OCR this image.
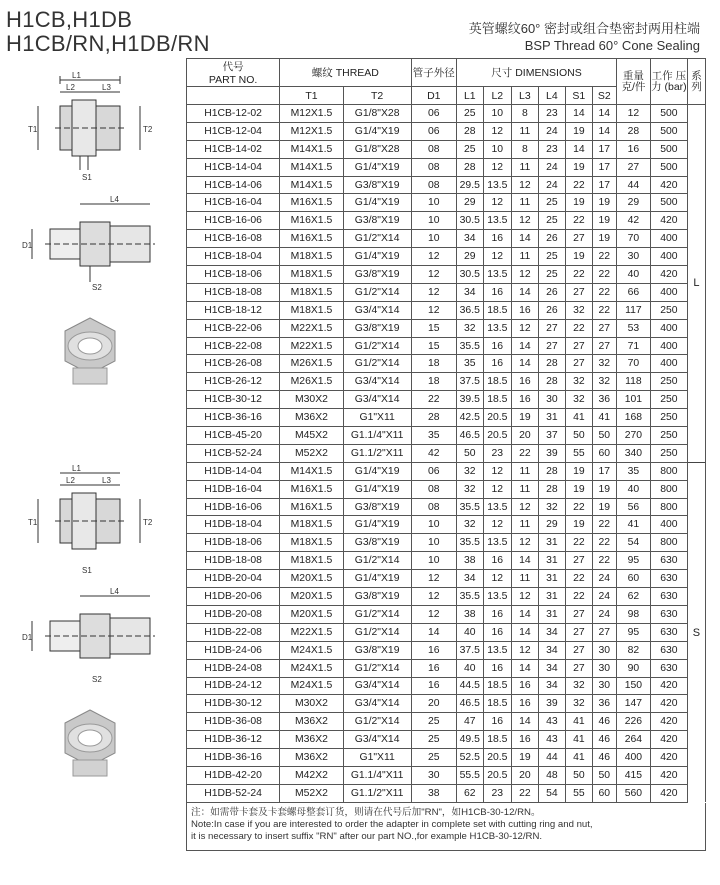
H1CB,H1DB
H1CB/RN,H1DB/RN
英管螺纹60° 密封或组合垫密封两用柱端
BSP Thread 60° Cone Sealing
L1
L2	L3
T1	T2
S1
L4
D1
S2
L1
L2	L3
T1	T2
S1
L4
D1
S2
代号
PART NO.	螺纹 THREAD		管子外径	尺寸 DIMENSIONS						重量 克/件	工作 压力 (bar)	系 列
	T1	T2	D1	L1	L2	L3	L4	S1	S2			
H1CB-12-02	M12X1.5	G1/8"X28	06	25	10	8	23	14	14	12	500	L
H1CB-12-04	M12X1.5	G1/4"X19	06	28	12	11	24	19	14	28	500	
H1CB-14-02	M14X1.5	G1/8"X28	08	25	10	8	23	14	17	16	500	
H1CB-14-04	M14X1.5	G1/4"X19	08	28	12	11	24	19	17	27	500	
H1CB-14-06	M14X1.5	G3/8"X19	08	29.5	13.5	12	24	22	17	44	420	
H1CB-16-04	M16X1.5	G1/4"X19	10	29	12	11	25	19	19	29	500	
H1CB-16-06	M16X1.5	G3/8"X19	10	30.5	13.5	12	25	22	19	42	420	
H1CB-16-08	M16X1.5	G1/2"X14	10	34	16	14	26	27	19	70	400	
H1CB-18-04	M18X1.5	G1/4"X19	12	29	12	11	25	19	22	30	400	
H1CB-18-06	M18X1.5	G3/8"X19	12	30.5	13.5	12	25	22	22	40	420	
H1CB-18-08	M18X1.5	G1/2"X14	12	34	16	14	26	27	22	66	400	
H1CB-18-12	M18X1.5	G3/4"X14	12	36.5	18.5	16	26	32	22	117	250	
H1CB-22-06	M22X1.5	G3/8"X19	15	32	13.5	12	27	22	27	53	400	
H1CB-22-08	M22X1.5	G1/2"X14	15	35.5	16	14	27	27	27	71	400	
H1CB-26-08	M26X1.5	G1/2"X14	18	35	16	14	28	27	32	70	400	
H1CB-26-12	M26X1.5	G3/4"X14	18	37.5	18.5	16	28	32	32	118	250	
H1CB-30-12	M30X2	G3/4"X14	22	39.5	18.5	16	30	32	36	101	250	
H1CB-36-16	M36X2	G1"X11	28	42.5	20.5	19	31	41	41	168	250	
H1CB-45-20	M45X2	G1.1/4"X11	35	46.5	20.5	20	37	50	50	270	250	
H1CB-52-24	M52X2	G1.1/2"X11	42	50	23	22	39	55	60	340	250	
H1DB-14-04	M14X1.5	G1/4"X19	06	32	12	11	28	19	17	35	800	S
H1DB-16-04	M16X1.5	G1/4"X19	08	32	12	11	28	19	19	40	800	
H1DB-16-06	M16X1.5	G3/8"X19	08	35.5	13.5	12	32	22	19	56	800	
H1DB-18-04	M18X1.5	G1/4"X19	10	32	12	11	29	19	22	41	400	
H1DB-18-06	M18X1.5	G3/8"X19	10	35.5	13.5	12	31	22	22	54	800	
H1DB-18-08	M18X1.5	G1/2"X14	10	38	16	14	31	27	22	95	630	
H1DB-20-04	M20X1.5	G1/4"X19	12	34	12	11	31	22	24	60	630	
H1DB-20-06	M20X1.5	G3/8"X19	12	35.5	13.5	12	31	22	24	62	630	
H1DB-20-08	M20X1.5	G1/2"X14	12	38	16	14	31	27	24	98	630	
H1DB-22-08	M22X1.5	G1/2"X14	14	40	16	14	34	27	27	95	630	
H1DB-24-06	M24X1.5	G3/8"X19	16	37.5	13.5	12	34	27	30	82	630	
H1DB-24-08	M24X1.5	G1/2"X14	16	40	16	14	34	27	30	90	630	
H1DB-24-12	M24X1.5	G3/4"X14	16	44.5	18.5	16	34	32	30	150	420	
H1DB-30-12	M30X2	G3/4"X14	20	46.5	18.5	16	39	32	36	147	420	
H1DB-36-08	M36X2	G1/2"X14	25	47	16	14	43	41	46	226	420	
H1DB-36-12	M36X2	G3/4"X14	25	49.5	18.5	16	43	41	46	264	420	
H1DB-36-16	M36X2	G1"X11	25	52.5	20.5	19	44	41	46	400	420	
H1DB-42-20	M42X2	G1.1/4"X11	30	55.5	20.5	20	48	50	50	415	420	
H1DB-52-24	M52X2	G1.1/2"X11	38	62	23	22	54	55	60	560	420	
注：如需带卡套及卡套螺母整套订货，则请在代号后加"RN"，如H1CB-30-12/RN。
Note:In case if you are interested to order the adapter in complete set with cutting ring and nut,
it is necessary to insert suffix "RN" after our part NO.,for example H1CB-30-12/RN.
